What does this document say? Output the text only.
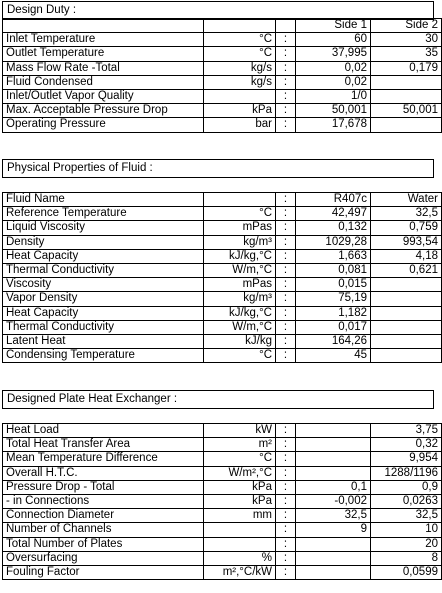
Design Duty :
			Side 1	Side 2
Inlet Temperature	°C	:	60	30
Outlet Temperature	°C	:	37,995	35
Mass Flow Rate -Total	kg/s	:	0,02	0,179
Fluid Condensed	kg/s	:	0,02	
Inlet/Outlet Vapor Quality		:	1/0	
Max. Acceptable Pressure Drop	kPa	:	50,001	50,001
Operating Pressure	bar	:	17,678	
Physical Properties of Fluid :
Fluid Name		:	R407c	Water
Reference Temperature	°C	:	42,497	32,5
Liquid Viscosity	mPas	:	0,132	0,759
Density	kg/m³	:	1029,28	993,54
Heat Capacity	kJ/kg,°C	:	1,663	4,18
Thermal Conductivity	W/m,°C	:	0,081	0,621
Viscosity	mPas	:	0,015	
Vapor Density	kg/m³	:	75,19	
Heat Capacity	kJ/kg,°C	:	1,182	
Thermal Conductivity	W/m,°C	:	0,017	
Latent Heat	kJ/kg	:	164,26	
Condensing Temperature	°C	:	45	
Designed Plate Heat Exchanger :
Heat Load	kW	:		3,75
Total Heat Transfer Area	m²	:		0,32
Mean Temperature Difference	°C	:		9,954
Overall H.T.C.	W/m²,°C	:		1288/1196
Pressure Drop - Total	kPa	:	0,1	0,9
- in Connections	kPa	:	-0,002	0,0263
Connection Diameter	mm	:	32,5	32,5
Number of Channels		:	9	10
Total Number of Plates		:		20
Oversurfacing	%	:		8
Fouling Factor	m²,°C/kW	:		0,0599
